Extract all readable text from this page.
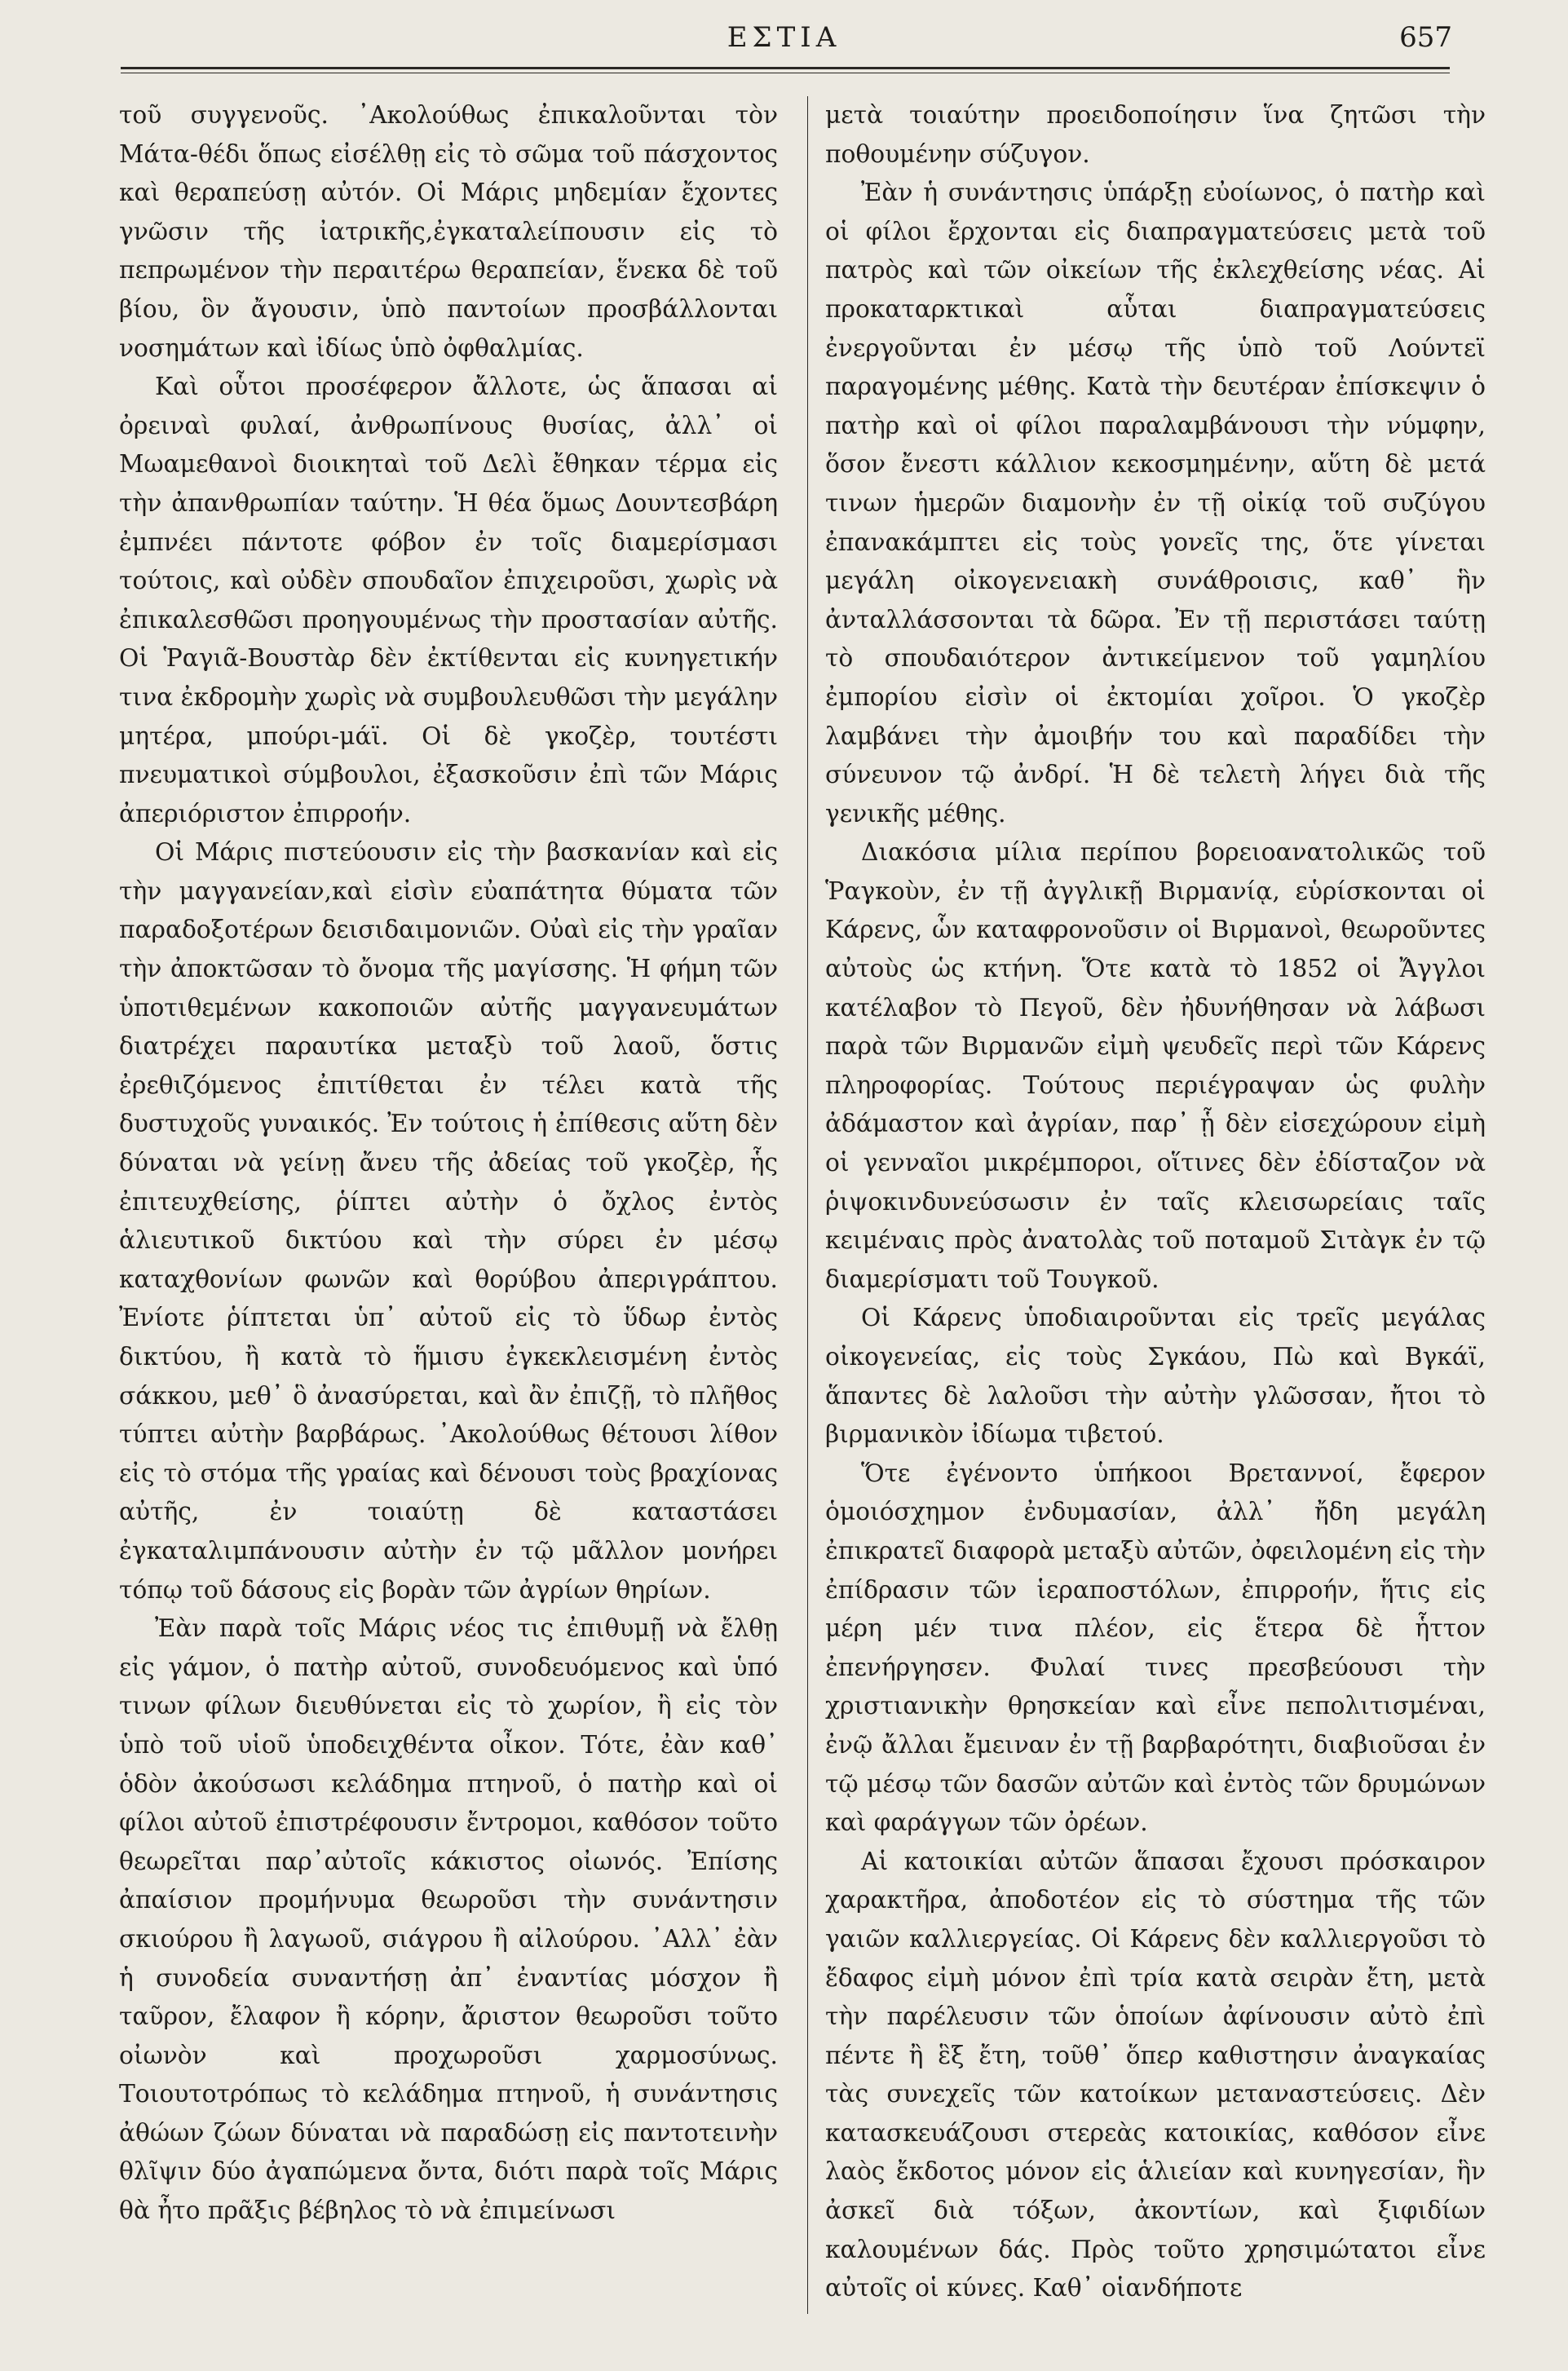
ΕΣΤΙΑ	657

τοῦ συγγενοῦς. ᾽Ακολούθως ἐπικαλοῦνται τὸν Μάτα-θέδι ὅπως εἰσέλθῃ εἰς τὸ σῶμα τοῦ πάσχοντος καὶ θεραπεύσῃ αὐτόν. Οἱ Μάρις μηδεμίαν ἔχοντες γνῶσιν τῆς ἰατρικῆς,ἐγκαταλείπουσιν εἰς τὸ πεπρωμένον τὴν περαιτέρω θεραπείαν, ἕνεκα δὲ τοῦ βίου, ὃν ἄγουσιν, ὑπὸ παντοίων προσβάλλονται νοσημάτων καὶ ἰδίως ὑπὸ ὀφθαλμίας.

Καὶ οὗτοι προσέφερον ἄλλοτε, ὡς ἅπασαι αἱ ὀρειναὶ φυλαί, ἀνθρωπίνους θυσίας, ἀλλ᾽ οἱ Μωαμεθανοὶ διοικηταὶ τοῦ Δελὶ ἔθηκαν τέρμα εἰς τὴν ἀπανθρωπίαν ταύτην. Ἡ θέα ὅμως Δουντεσβάρη ἐμπνέει πάντοτε φόβον ἐν τοῖς διαμερίσμασι τούτοις, καὶ οὐδὲν σπουδαῖον ἐπιχειροῦσι, χωρὶς νὰ ἐπικαλεσθῶσι προηγουμένως τὴν προστασίαν αὐτῆς. Οἱ Ῥαγιᾶ-Βουστὰρ δὲν ἐκτίθενται εἰς κυνηγετικήν τινα ἐκδρομὴν χωρὶς νὰ συμβουλευθῶσι τὴν μεγάλην μητέρα, μπούρι-μάϊ. Οἱ δὲ γκοζὲρ, τουτέστι πνευματικοὶ σύμβουλοι, ἐξασκοῦσιν ἐπὶ τῶν Μάρις ἀπεριόριστον ἐπιρροήν.

Οἱ Μάρις πιστεύουσιν εἰς τὴν βασκανίαν καὶ εἰς τὴν μαγγανείαν,καὶ εἰσὶν εὐαπάτητα θύματα τῶν παραδοξοτέρων δεισιδαιμονιῶν. Οὐαὶ εἰς τὴν γραῖαν τὴν ἀποκτῶσαν τὸ ὄνομα τῆς μαγίσσης. Ἡ φήμη τῶν ὑποτιθεμένων κακοποιῶν αὐτῆς μαγγανευμάτων διατρέχει παραυτίκα μεταξὺ τοῦ λαοῦ, ὅστις ἐρεθιζόμενος ἐπιτίθεται ἐν τέλει κατὰ τῆς δυστυχοῦς γυναικός. Ἐν τούτοις ἡ ἐπίθεσις αὕτη δὲν δύναται νὰ γείνῃ ἄνευ τῆς ἀδείας τοῦ γκοζὲρ, ἧς ἐπιτευχθείσης, ῥίπτει αὐτὴν ὁ ὄχλος ἐντὸς ἁλιευτικοῦ δικτύου καὶ τὴν σύρει ἐν μέσῳ καταχθονίων φωνῶν καὶ θορύβου ἀπεριγράπτου. Ἐνίοτε ῥίπτεται ὑπ᾽ αὐτοῦ εἰς τὸ ὕδωρ ἐντὸς δικτύου, ἢ κατὰ τὸ ἥμισυ ἐγκεκλεισμένη ἐντὸς σάκκου, μεθ᾽ ὃ ἀνασύρεται, καὶ ἂν ἐπιζῇ, τὸ πλῆθος τύπτει αὐτὴν βαρβάρως. ᾽Ακολούθως θέτουσι λίθον εἰς τὸ στόμα τῆς γραίας καὶ δένουσι τοὺς βραχίονας αὐτῆς, ἐν τοιαύτῃ δὲ καταστάσει ἐγκαταλιμπάνουσιν αὐτὴν ἐν τῷ μᾶλλον μονήρει τόπῳ τοῦ δάσους εἰς βορὰν τῶν ἀγρίων θηρίων.

Ἐὰν παρὰ τοῖς Μάρις νέος τις ἐπιθυμῇ νὰ ἔλθῃ εἰς γάμον, ὁ πατὴρ αὐτοῦ, συνοδευόμενος καὶ ὑπό τινων φίλων διευθύνεται εἰς τὸ χωρίον, ἢ εἰς τὸν ὑπὸ τοῦ υἱοῦ ὑποδειχθέντα οἶκον. Τότε, ἐὰν καθ᾽ ὁδὸν ἀκούσωσι κελάδημα πτηνοῦ, ὁ πατὴρ καὶ οἱ φίλοι αὐτοῦ ἐπιστρέφουσιν ἔντρομοι, καθόσον τοῦτο θεωρεῖται παρ᾽αὐτοῖς κάκιστος οἰωνός. Ἐπίσης ἀπαίσιον προμήνυμα θεωροῦσι τὴν συνάντησιν σκιούρου ἢ λαγωοῦ, σιάγρου ἢ αἰλούρου. ᾽Αλλ᾽ ἐὰν ἡ συνοδεία συναντήσῃ ἀπ᾽ ἐναντίας μόσχον ἢ ταῦρον, ἔλαφον ἢ κόρην, ἄριστον θεωροῦσι τοῦτο οἰωνὸν καὶ προχωροῦσι χαρμοσύνως. Τοιουτοτρόπως τὸ κελάδημα πτηνοῦ, ἡ συνάντησις ἀθώων ζώων δύναται νὰ παραδώσῃ εἰς παντοτεινὴν θλῖψιν δύο ἀγαπώμενα ὄντα, διότι παρὰ τοῖς Μάρις θὰ ἦτο πρᾶξις βέβηλος τὸ νὰ ἐπιμείνωσι

μετὰ τοιαύτην προειδοποίησιν ἵνα ζητῶσι τὴν ποθουμένην σύζυγον.

Ἐὰν ἡ συνάντησις ὑπάρξῃ εὐοίωνος, ὁ πατὴρ καὶ οἱ φίλοι ἔρχονται εἰς διαπραγματεύσεις μετὰ τοῦ πατρὸς καὶ τῶν οἰκείων τῆς ἐκλεχθείσης νέας. Αἱ προκαταρκτικαὶ αὗται διαπραγματεύσεις ἐνεργοῦνται ἐν μέσῳ τῆς ὑπὸ τοῦ Λούντεϊ παραγομένης μέθης. Κατὰ τὴν δευτέραν ἐπίσκεψιν ὁ πατὴρ καὶ οἱ φίλοι παραλαμβάνουσι τὴν νύμφην, ὅσον ἔνεστι κάλλιον κεκοσμημένην, αὕτη δὲ μετά τινων ἡμερῶν διαμονὴν ἐν τῇ οἰκίᾳ τοῦ συζύγου ἐπανακάμπτει εἰς τοὺς γονεῖς της, ὅτε γίνεται μεγάλη οἰκογενειακὴ συνάθροισις, καθ᾽ ἣν ἀνταλλάσσονται τὰ δῶρα. Ἐν τῇ περιστάσει ταύτῃ τὸ σπουδαιότερον ἀντικείμενον τοῦ γαμηλίου ἐμπορίου εἰσὶν οἱ ἐκτομίαι χοῖροι. Ὁ γκοζὲρ λαμβάνει τὴν ἀμοιβήν του καὶ παραδίδει τὴν σύνευνον τῷ ἀνδρί. Ἡ δὲ τελετὴ λήγει διὰ τῆς γενικῆς μέθης.

Διακόσια μίλια περίπου βορειοανατολικῶς τοῦ Ῥαγκοὺν, ἐν τῇ ἀγγλικῇ Βιρμανίᾳ, εὑρίσκονται οἱ Κάρενς, ὧν καταφρονοῦσιν οἱ Βιρμανοὶ, θεωροῦντες αὐτοὺς ὡς κτήνη. Ὅτε κατὰ τὸ 1852 οἱ Ἄγγλοι κατέλαβον τὸ Πεγοῦ, δὲν ἠδυνήθησαν νὰ λάβωσι παρὰ τῶν Βιρμανῶν εἰμὴ ψευδεῖς περὶ τῶν Κάρενς πληροφορίας. Τούτους περιέγραψαν ὡς φυλὴν ἀδάμαστον καὶ ἀγρίαν, παρ᾽ ᾗ δὲν εἰσεχώρουν εἰμὴ οἱ γενναῖοι μικρέμποροι, οἵτινες δὲν ἐδίσταζον νὰ ῥιψοκινδυνεύσωσιν ἐν ταῖς κλεισωρείαις ταῖς κειμέναις πρὸς ἀνατολὰς τοῦ ποταμοῦ Σιτὰγκ ἐν τῷ διαμερίσματι τοῦ Τουγκοῦ.

Οἱ Κάρενς ὑποδιαιροῦνται εἰς τρεῖς μεγάλας οἰκογενείας, εἰς τοὺς Σγκάου, Πὼ καὶ Βγκάϊ, ἅπαντες δὲ λαλοῦσι τὴν αὐτὴν γλῶσσαν, ἤτοι τὸ βιρμανικὸν ἰδίωμα τιβετού.

Ὅτε ἐγένοντο ὑπήκοοι Βρεταννοί, ἔφερον ὁμοιόσχημον ἐνδυμασίαν, ἀλλ᾽ ἤδη μεγάλη ἐπικρατεῖ διαφορὰ μεταξὺ αὐτῶν, ὀφειλομένη εἰς τὴν ἐπίδρασιν τῶν ἱεραποστόλων, ἐπιρροήν, ἥτις εἰς μέρη μέν τινα πλέον, εἰς ἕτερα δὲ ἧττον ἐπενήργησεν. Φυλαί τινες πρεσβεύουσι τὴν χριστιανικὴν θρησκείαν καὶ εἶνε πεπολιτισμέναι, ἐνῷ ἄλλαι ἔμειναν ἐν τῇ βαρβαρότητι, διαβιοῦσαι ἐν τῷ μέσῳ τῶν δασῶν αὐτῶν καὶ ἐντὸς τῶν δρυμώνων καὶ φαράγγων τῶν ὀρέων.

Αἱ κατοικίαι αὐτῶν ἅπασαι ἔχουσι πρόσκαιρον χαρακτῆρα, ἀποδοτέον εἰς τὸ σύστημα τῆς τῶν γαιῶν καλλιεργείας. Οἱ Κάρενς δὲν καλλιεργοῦσι τὸ ἔδαφος εἰμὴ μόνον ἐπὶ τρία κατὰ σειρὰν ἔτη, μετὰ τὴν παρέλευσιν τῶν ὁποίων ἀφίνουσιν αὐτὸ ἐπὶ πέντε ἢ ἓξ ἔτη, τοῦθ᾽ ὅπερ καθιστησιν ἀναγκαίας τὰς συνεχεῖς τῶν κατοίκων μεταναστεύσεις. Δὲν κατασκευάζουσι στερεὰς κατοικίας, καθόσον εἶνε λαὸς ἔκδοτος μόνον εἰς ἁλιείαν καὶ κυνηγεσίαν, ἣν ἀσκεῖ διὰ τόξων, ἀκοντίων, καὶ ξιφιδίων καλουμένων δάς. Πρὸς τοῦτο χρησιμώτατοι εἶνε αὐτοῖς οἱ κύνες. Καθ᾽ οἱανδήποτε
